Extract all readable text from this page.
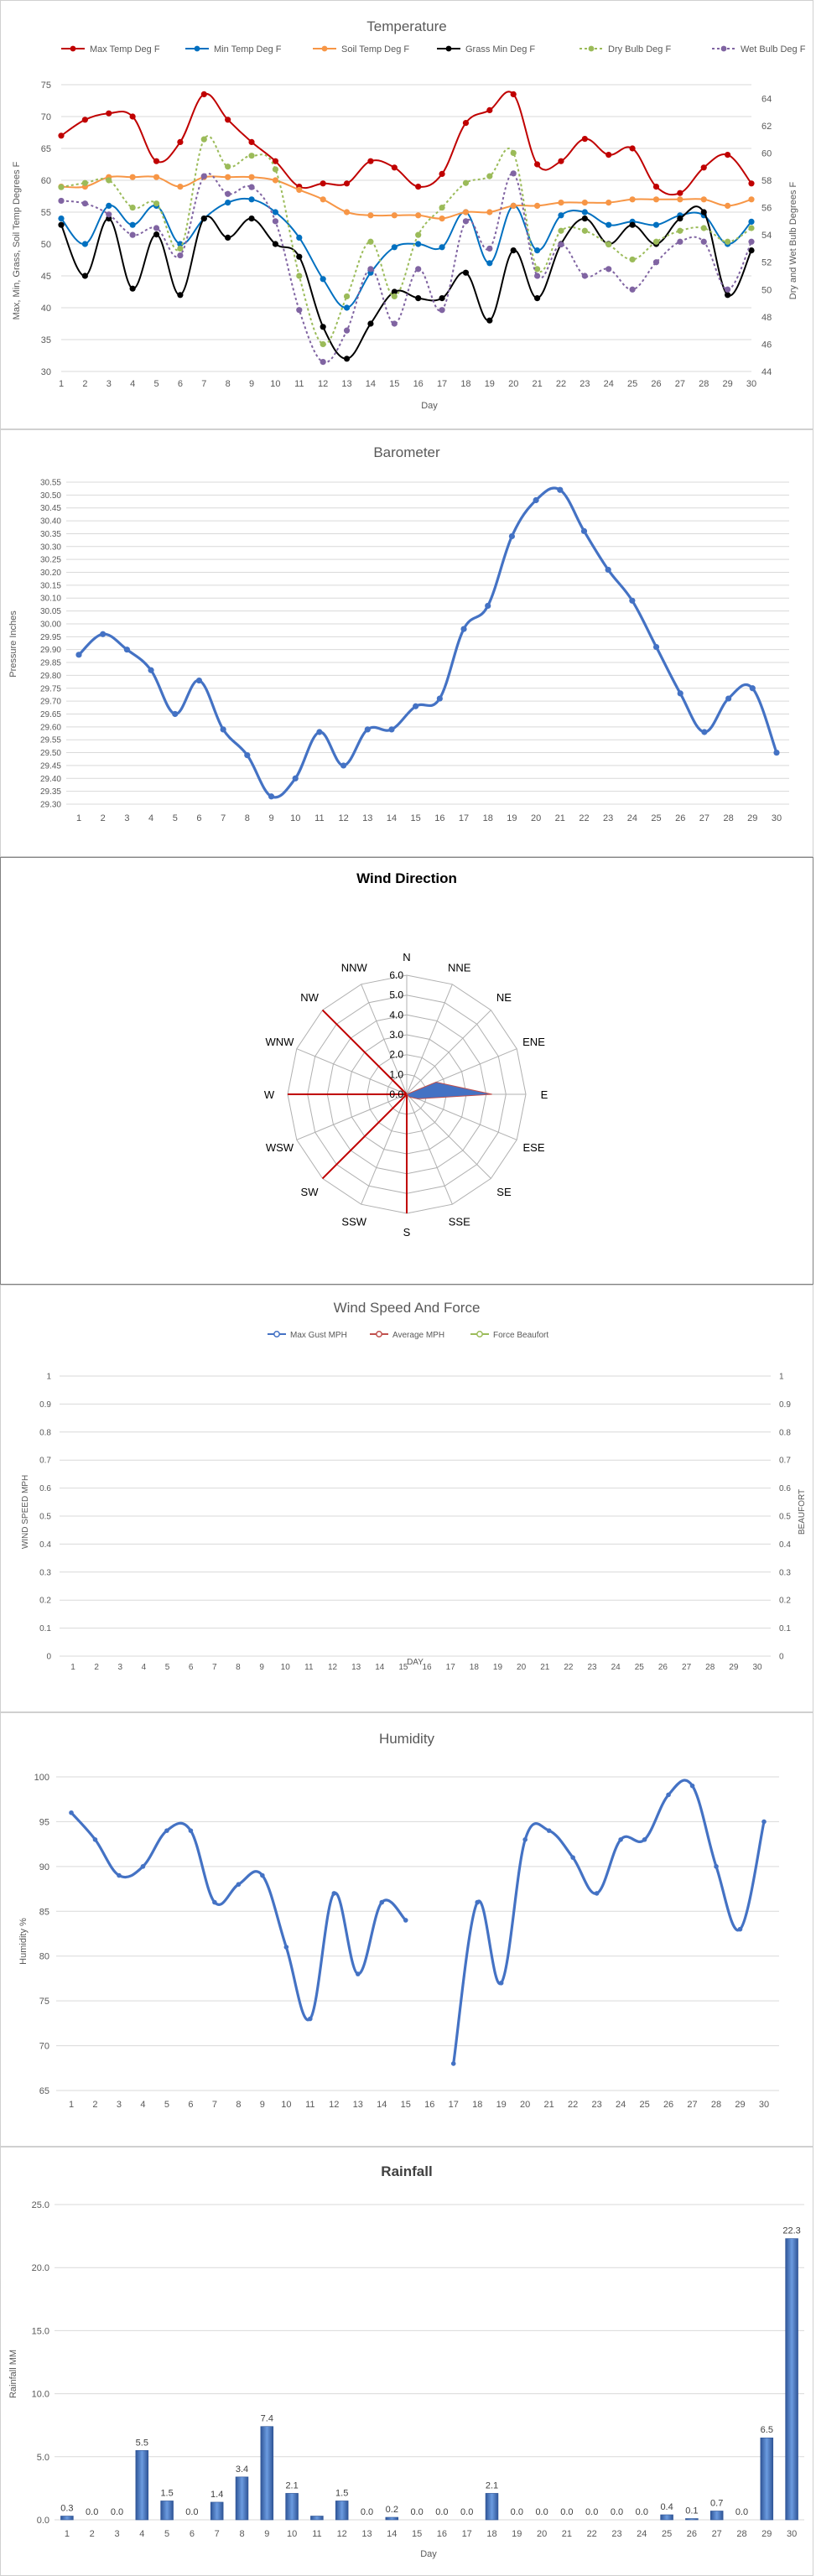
Temperature
Max Temp Deg F	Min Temp Deg F	Soil Temp Deg F	Grass Min Deg F	Dry Bulb Deg F	Wet Bulb Deg F
30
35
40
45
50
55
60
65
70
75
44
46
48
50
52
54
56
58
60
62
64
1 2 3 4 5 6 7 8 9 10 11 12 13 14 15 16 17 18 19 20 21 22 23 24 25 26 27 28 29 30
Day
Max, Min, Grass, Soil Temp Degrees F	Dry and Wet Bulb Degrees F
Barometer
29.30
29.35
29.40
29.45
29.50
29.55
29.60
29.65
29.70
29.75
29.80
29.85
29.90
29.95
30.00
30.05
30.10
30.15
30.20
30.25
30.30
30.35
30.40
30.45
30.50
30.55
1 2 3 4 5 6 7 8 9 10 11 12 13 14 15 16 17 18 19 20 21 22 23 24 25 26 27 28 29 30
Pressure Inches
Wind Direction
N
NNE
NE
ENE
E
ESE
SE
SSE
S
SSW
SW
WSW
W
WNW
NW
NNW
0.0
1.0
2.0
3.0
4.0
5.0
6.0
Wind Speed And Force
Max Gust MPH	Average MPH	Force Beaufort
0
0.1
0.2
0.3
0.4
0.5
0.6
0.7
0.8
0.9
1
0
0.1
0.2
0.3
0.4
0.5
0.6
0.7
0.8
0.9
1
1 2 3 4 5 6 7 8 9 10 11 12 13 14 15 16 17 18 19 20 21 22 23 24 25 26 27 28 29 30
DAY
WIND SPEED MPH	BEAUFORT
Humidity
65
70
75
80
85
90
95
100
1 2 3 4 5 6 7 8 9 10 11 12 13 14 15 16 17 18 19 20 21 22 23 24 25 26 27 28 29 30
Humidity %
Rainfall
0.3 0.0 0.0
5.5
1.5
0.0
1.4
3.4
7.4
2.1
1.5
0.0 0.2 0.0 0.0 0.0
2.1
0.0 0.0 0.0 0.0 0.0 0.0
0.4 0.1
0.7
0.0
6.5
22.3
0.0
5.0
10.0
15.0
20.0
25.0
1 2 3 4 5 6 7 8 9 10 11 12 13 14 15 16 17 18 19 20 21 22 23 24 25 26 27 28 29 30
Day
Rainfall MM
